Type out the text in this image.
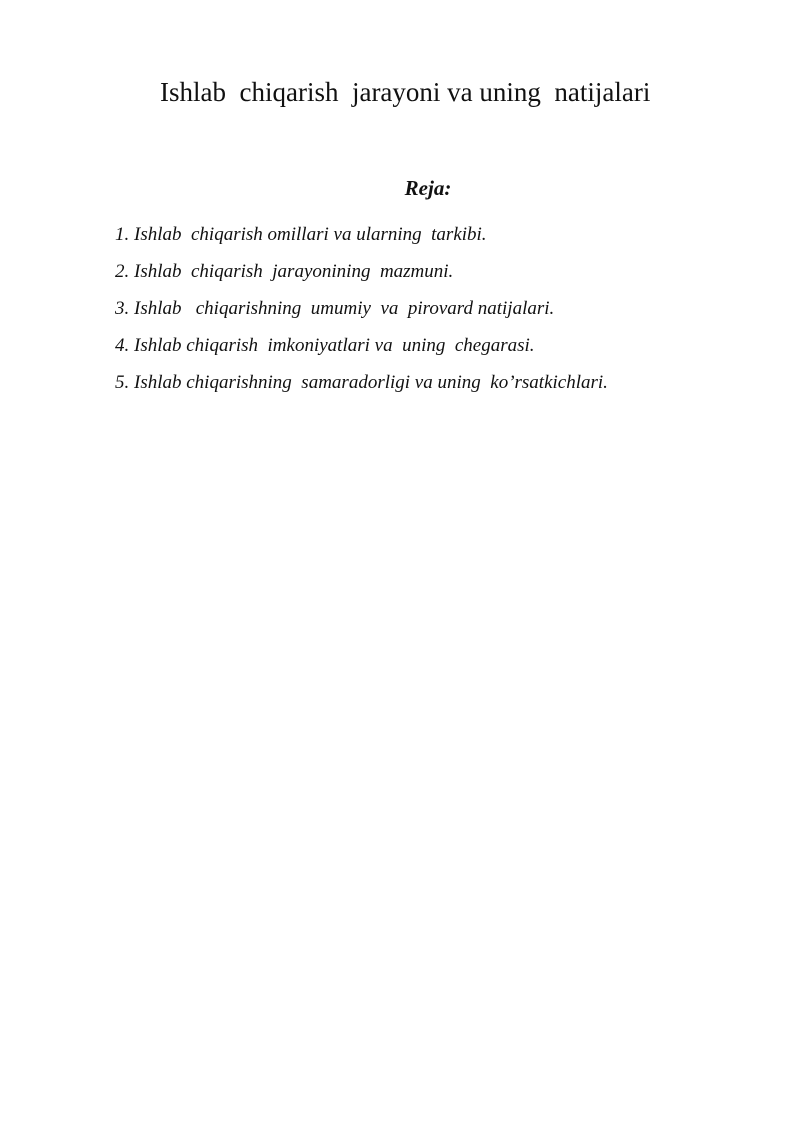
Ishlab  chiqarish  jarayoni va uning  natijalari
Reja:
1. Ishlab  chiqarish omillari va ularning  tarkibi.
2. Ishlab  chiqarish  jarayonining  mazmuni.
3. Ishlab   chiqarishning  umumiy  va  pirovard natijalari.
4. Ishlab chiqarish  imkoniyatlari va  uning  chegarasi.
5. Ishlab chiqarishning  samaradorligi va uning  ko’rsatkichlari.
